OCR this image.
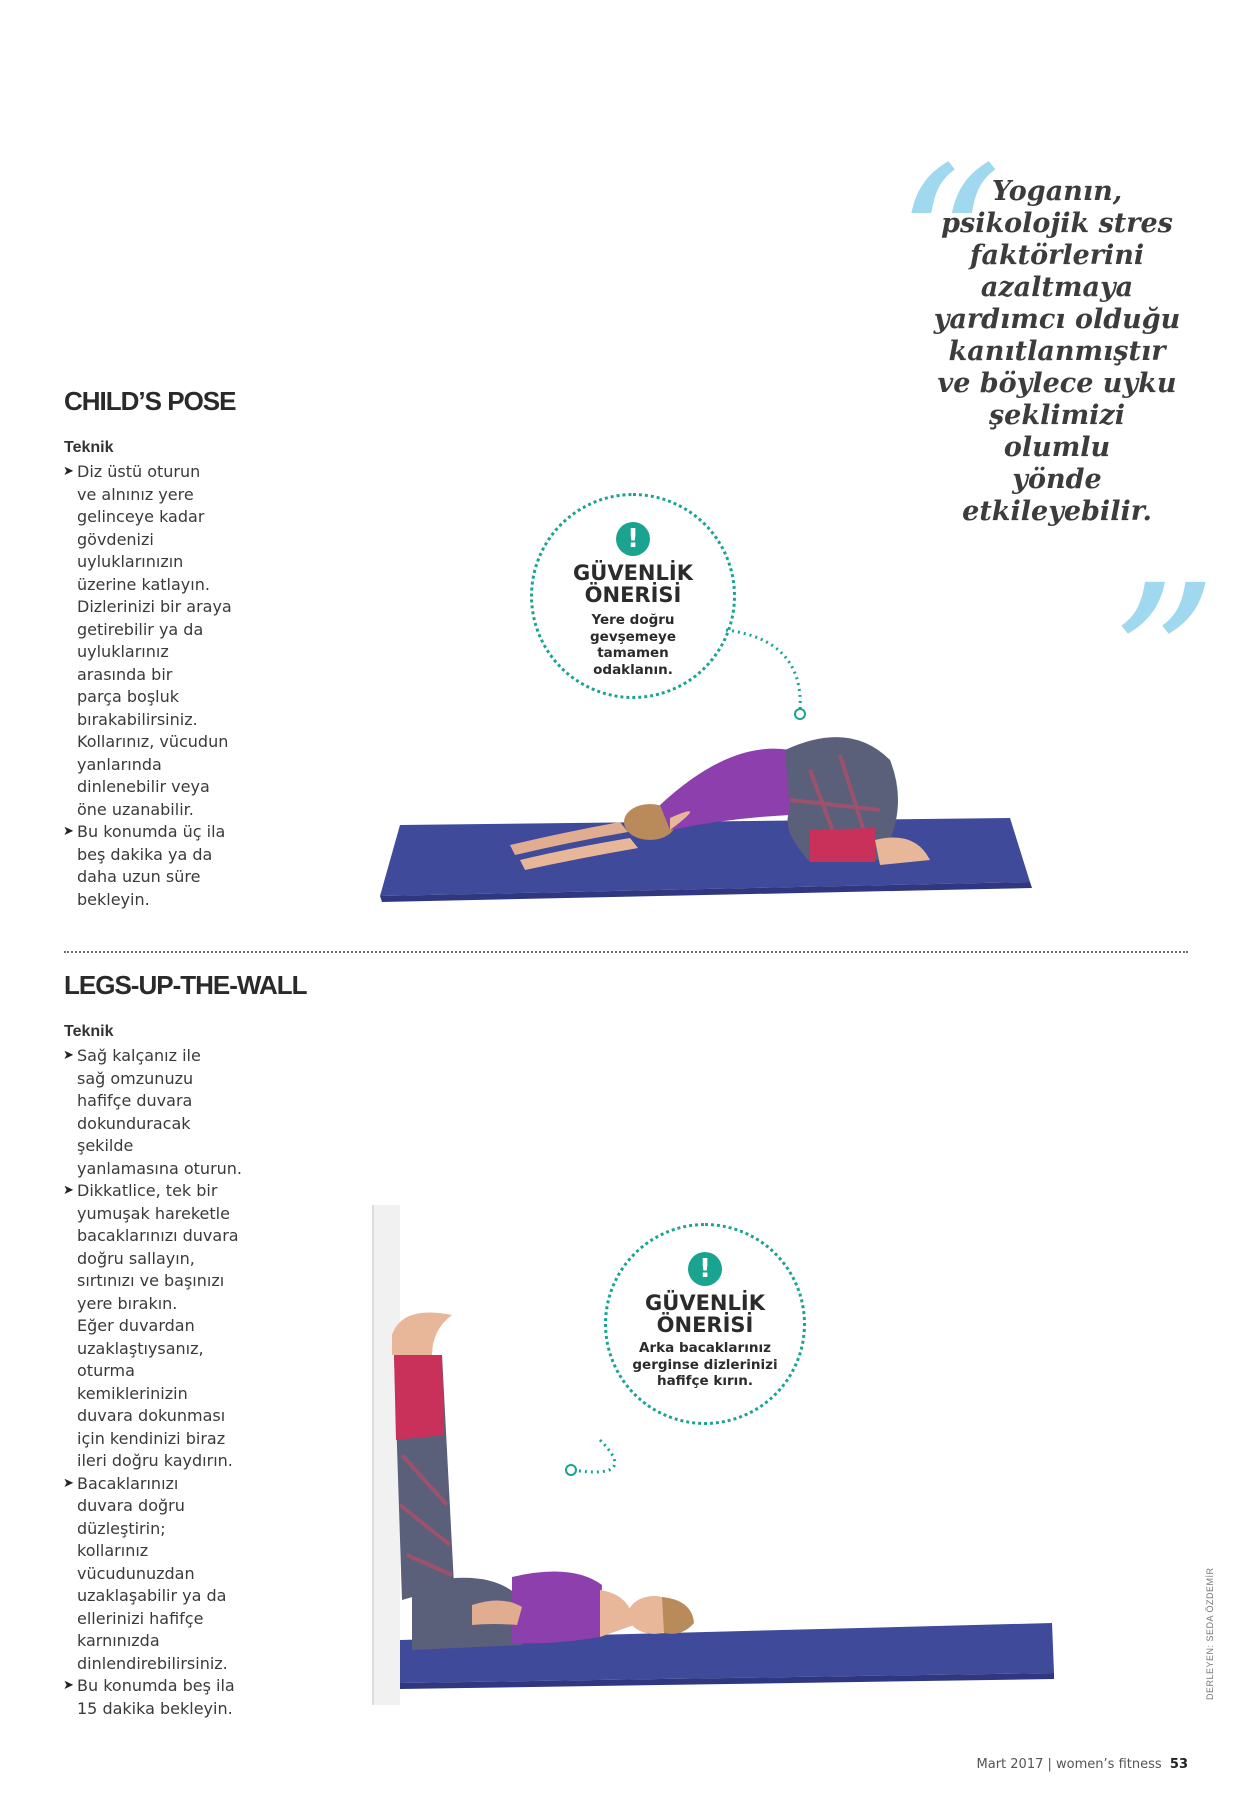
“
Yoganın,
psikolojik stres
faktörlerini
azaltmaya
yardımcı olduğu
kanıtlanmıştır
ve böylece uyku
şeklimizi olumlu
yönde
etkileyebilir.
”
CHILD’S POSE
Teknik
➤ Diz üstü oturun
ve alnınız yere
gelinceye kadar
gövdenizi
uyluklarınızın
üzerine katlayın.
Dizlerinizi bir araya
getirebilir ya da
uyluklarınız
arasında bir
parça boşluk
bırakabilirsiniz.
Kollarınız, vücudun
yanlarında
dinlenebilir veya
öne uzanabilir.
➤ Bu konumda üç ila
beş dakika ya da
daha uzun süre
bekleyin.
!
GÜVENLİK
ÖNERİSİ
Yere doğru
gevşemeye
tamamen
odaklanın.
LEGS-UP-THE-WALL
Teknik
➤ Sağ kalçanız ile
sağ omzunuzu
hafifçe duvara
dokunduracak
şekilde
yanlamasına oturun.
➤ Dikkatlice, tek bir
yumuşak hareketle
bacaklarınızı duvara
doğru sallayın,
sırtınızı ve başınızı
yere bırakın.
Eğer duvardan
uzaklaştıysanız,
oturma
kemiklerinizin
duvara dokunması
için kendinizi biraz
ileri doğru kaydırın.
➤ Bacaklarınızı
duvara doğru
düzleştirin;
kollarınız
vücudunuzdan
uzaklaşabilir ya da
ellerinizi hafifçe
karnınızda
dinlendirebilirsiniz.
➤ Bu konumda beş ila
15 dakika bekleyin.
!
GÜVENLİK
ÖNERİSİ
Arka bacaklarınız
gerginse dizlerinizi
hafifçe kırın.
DERLEYEN: SEDA ÖZDEMİR
Mart 2017 | women’s fitness 53
